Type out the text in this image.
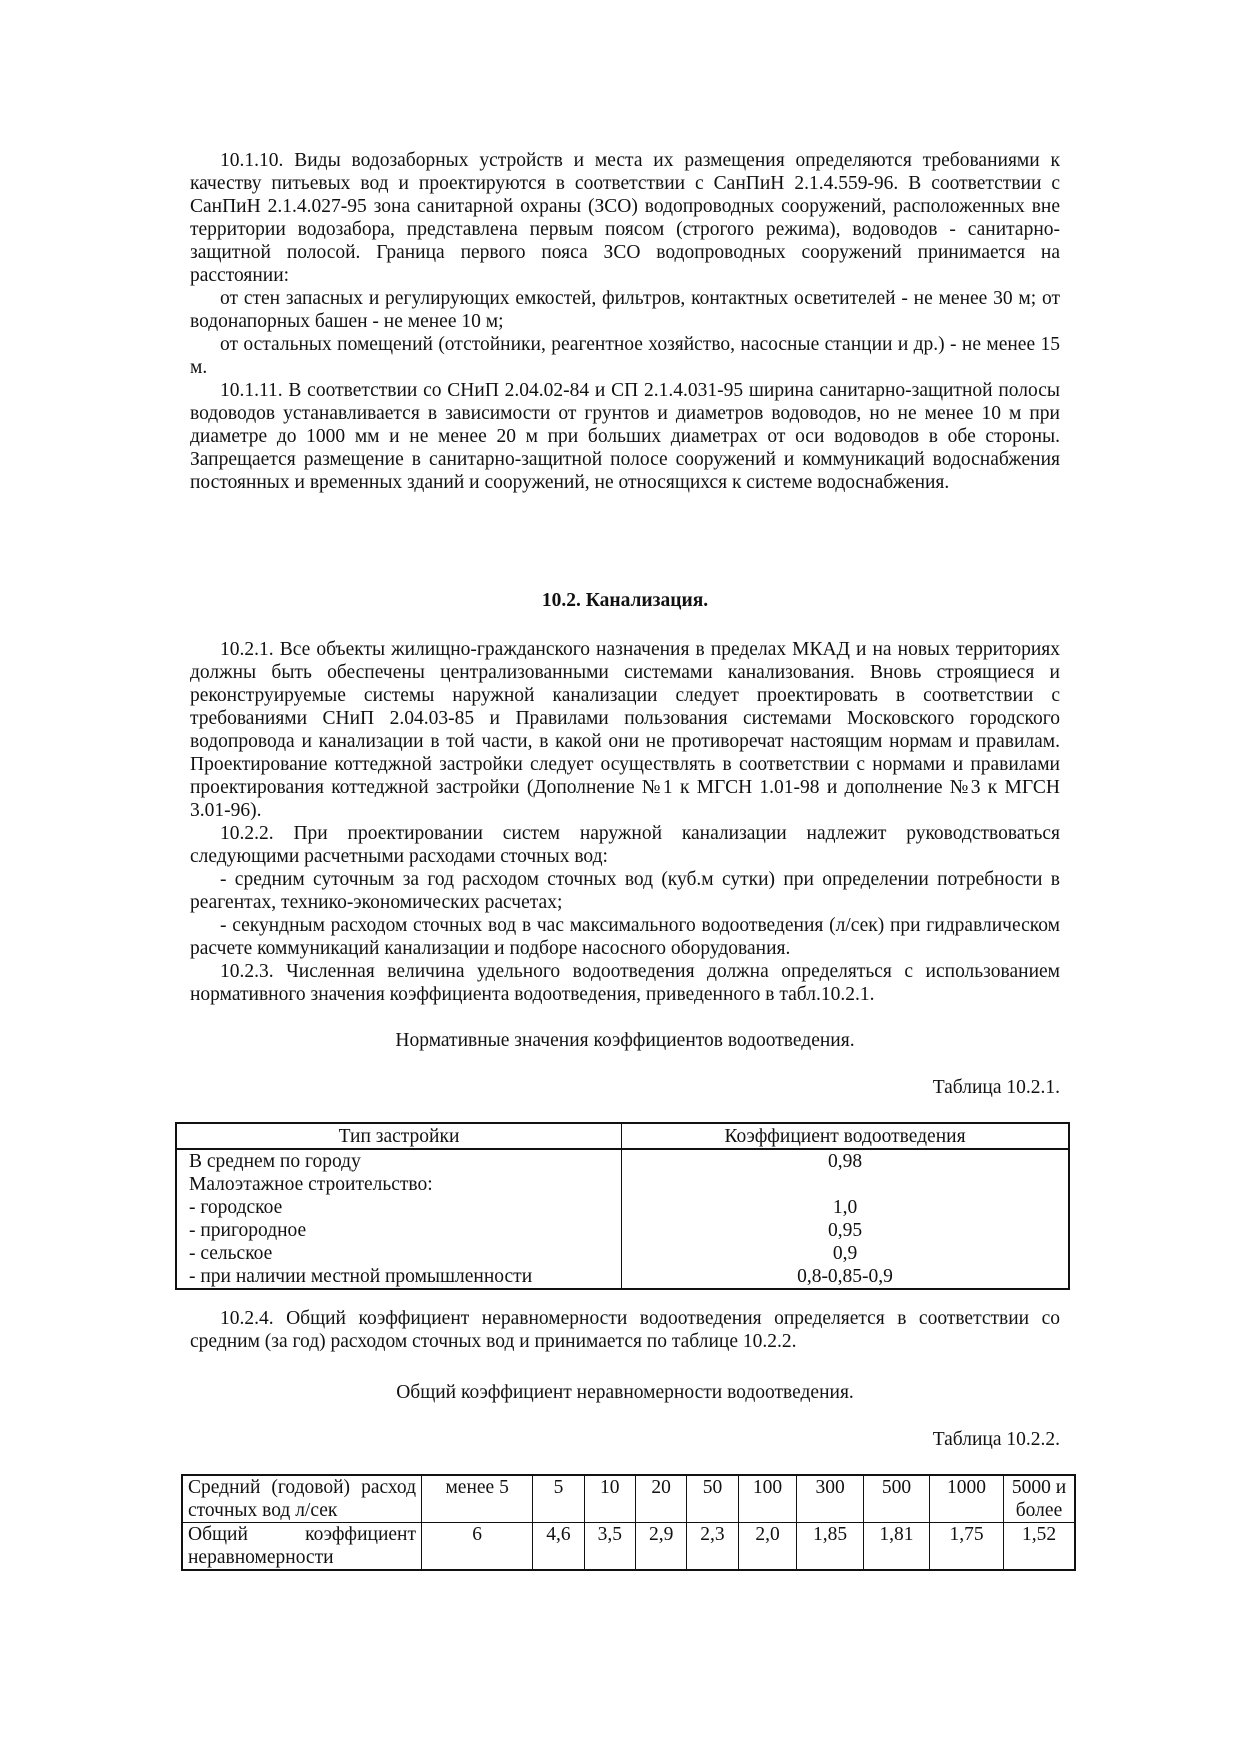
10.1.10. Виды водозаборных устройств и места их размещения определяются требованиями к качеству питьевых вод и проектируются в соответствии с СанПиН 2.1.4.559-96. В соответствии с СанПиН 2.1.4.027-95 зона санитарной охраны (ЗСО) водопроводных сооружений, расположенных вне территории водозабора, представлена первым поясом (строгого режима), водоводов - санитарно-защитной полосой. Граница первого пояса ЗСО водопроводных сооружений принимается на расстоянии:

от стен запасных и регулирующих емкостей, фильтров, контактных осветителей - не менее 30 м; от водонапорных башен - не менее 10 м;

от остальных помещений (отстойники, реагентное хозяйство, насосные станции и др.) - не менее 15 м.

10.1.11. В соответствии со СНиП 2.04.02-84 и СП 2.1.4.031-95 ширина санитарно-защитной полосы водоводов устанавливается в зависимости от грунтов и диаметров водоводов, но не менее 10 м при диаметре до 1000 мм и не менее 20 м при больших диаметрах от оси водоводов в обе стороны. Запрещается размещение в санитарно-защитной полосе сооружений и коммуникаций водоснабжения постоянных и временных зданий и сооружений, не относящихся к системе водоснабжения.

10.2. Канализация.

10.2.1. Все объекты жилищно-гражданского назначения в пределах МКАД и на новых территориях должны быть обеспечены централизованными системами канализования. Вновь строящиеся и реконструируемые системы наружной канализации следует проектировать в соответствии с требованиями СНиП 2.04.03-85 и Правилами пользования системами Московского городского водопровода и канализации в той части, в какой они не противоречат настоящим нормам и правилам. Проектирование коттеджной застройки следует осуществлять в соответствии с нормами и правилами проектирования коттеджной застройки (Дополнение №1 к МГСН 1.01-98 и дополнение №3 к МГСН 3.01-96).

10.2.2. При проектировании систем наружной канализации надлежит руководствоваться следующими расчетными расходами сточных вод:

- средним суточным за год расходом сточных вод (куб.м сутки) при определении потребности в реагентах, технико-экономических расчетах;

- секундным расходом сточных вод в час максимального водоотведения (л/сек) при гидравлическом расчете коммуникаций канализации и подборе насосного оборудования.

10.2.3. Численная величина удельного водоотведения должна определяться с использованием нормативного значения коэффициента водоотведения, приведенного в табл.10.2.1.

Нормативные значения коэффициентов водоотведения.
Таблица 10.2.1.
Тип застройки	Коэффициент водоотведения
В среднем по городу	0,98
Малоэтажное строительство:	
- городское	1,0
- пригородное	0,95
- сельское	0,9
- при наличии местной промышленности	0,8-0,85-0,9

10.2.4. Общий коэффициент неравномерности водоотведения определяется в соответствии со средним (за год) расходом сточных вод и принимается по таблице 10.2.2.

Общий коэффициент неравномерности водоотведения.
Таблица 10.2.2.
Средний (годовой) расход
сточных вод л/сек	менее 5	5	10	20	50	100	300	500	1000	5000 и более
Общий коэффициент
неравномерности	6	4,6	3,5	2,9	2,3	2,0	1,85	1,81	1,75	1,52
